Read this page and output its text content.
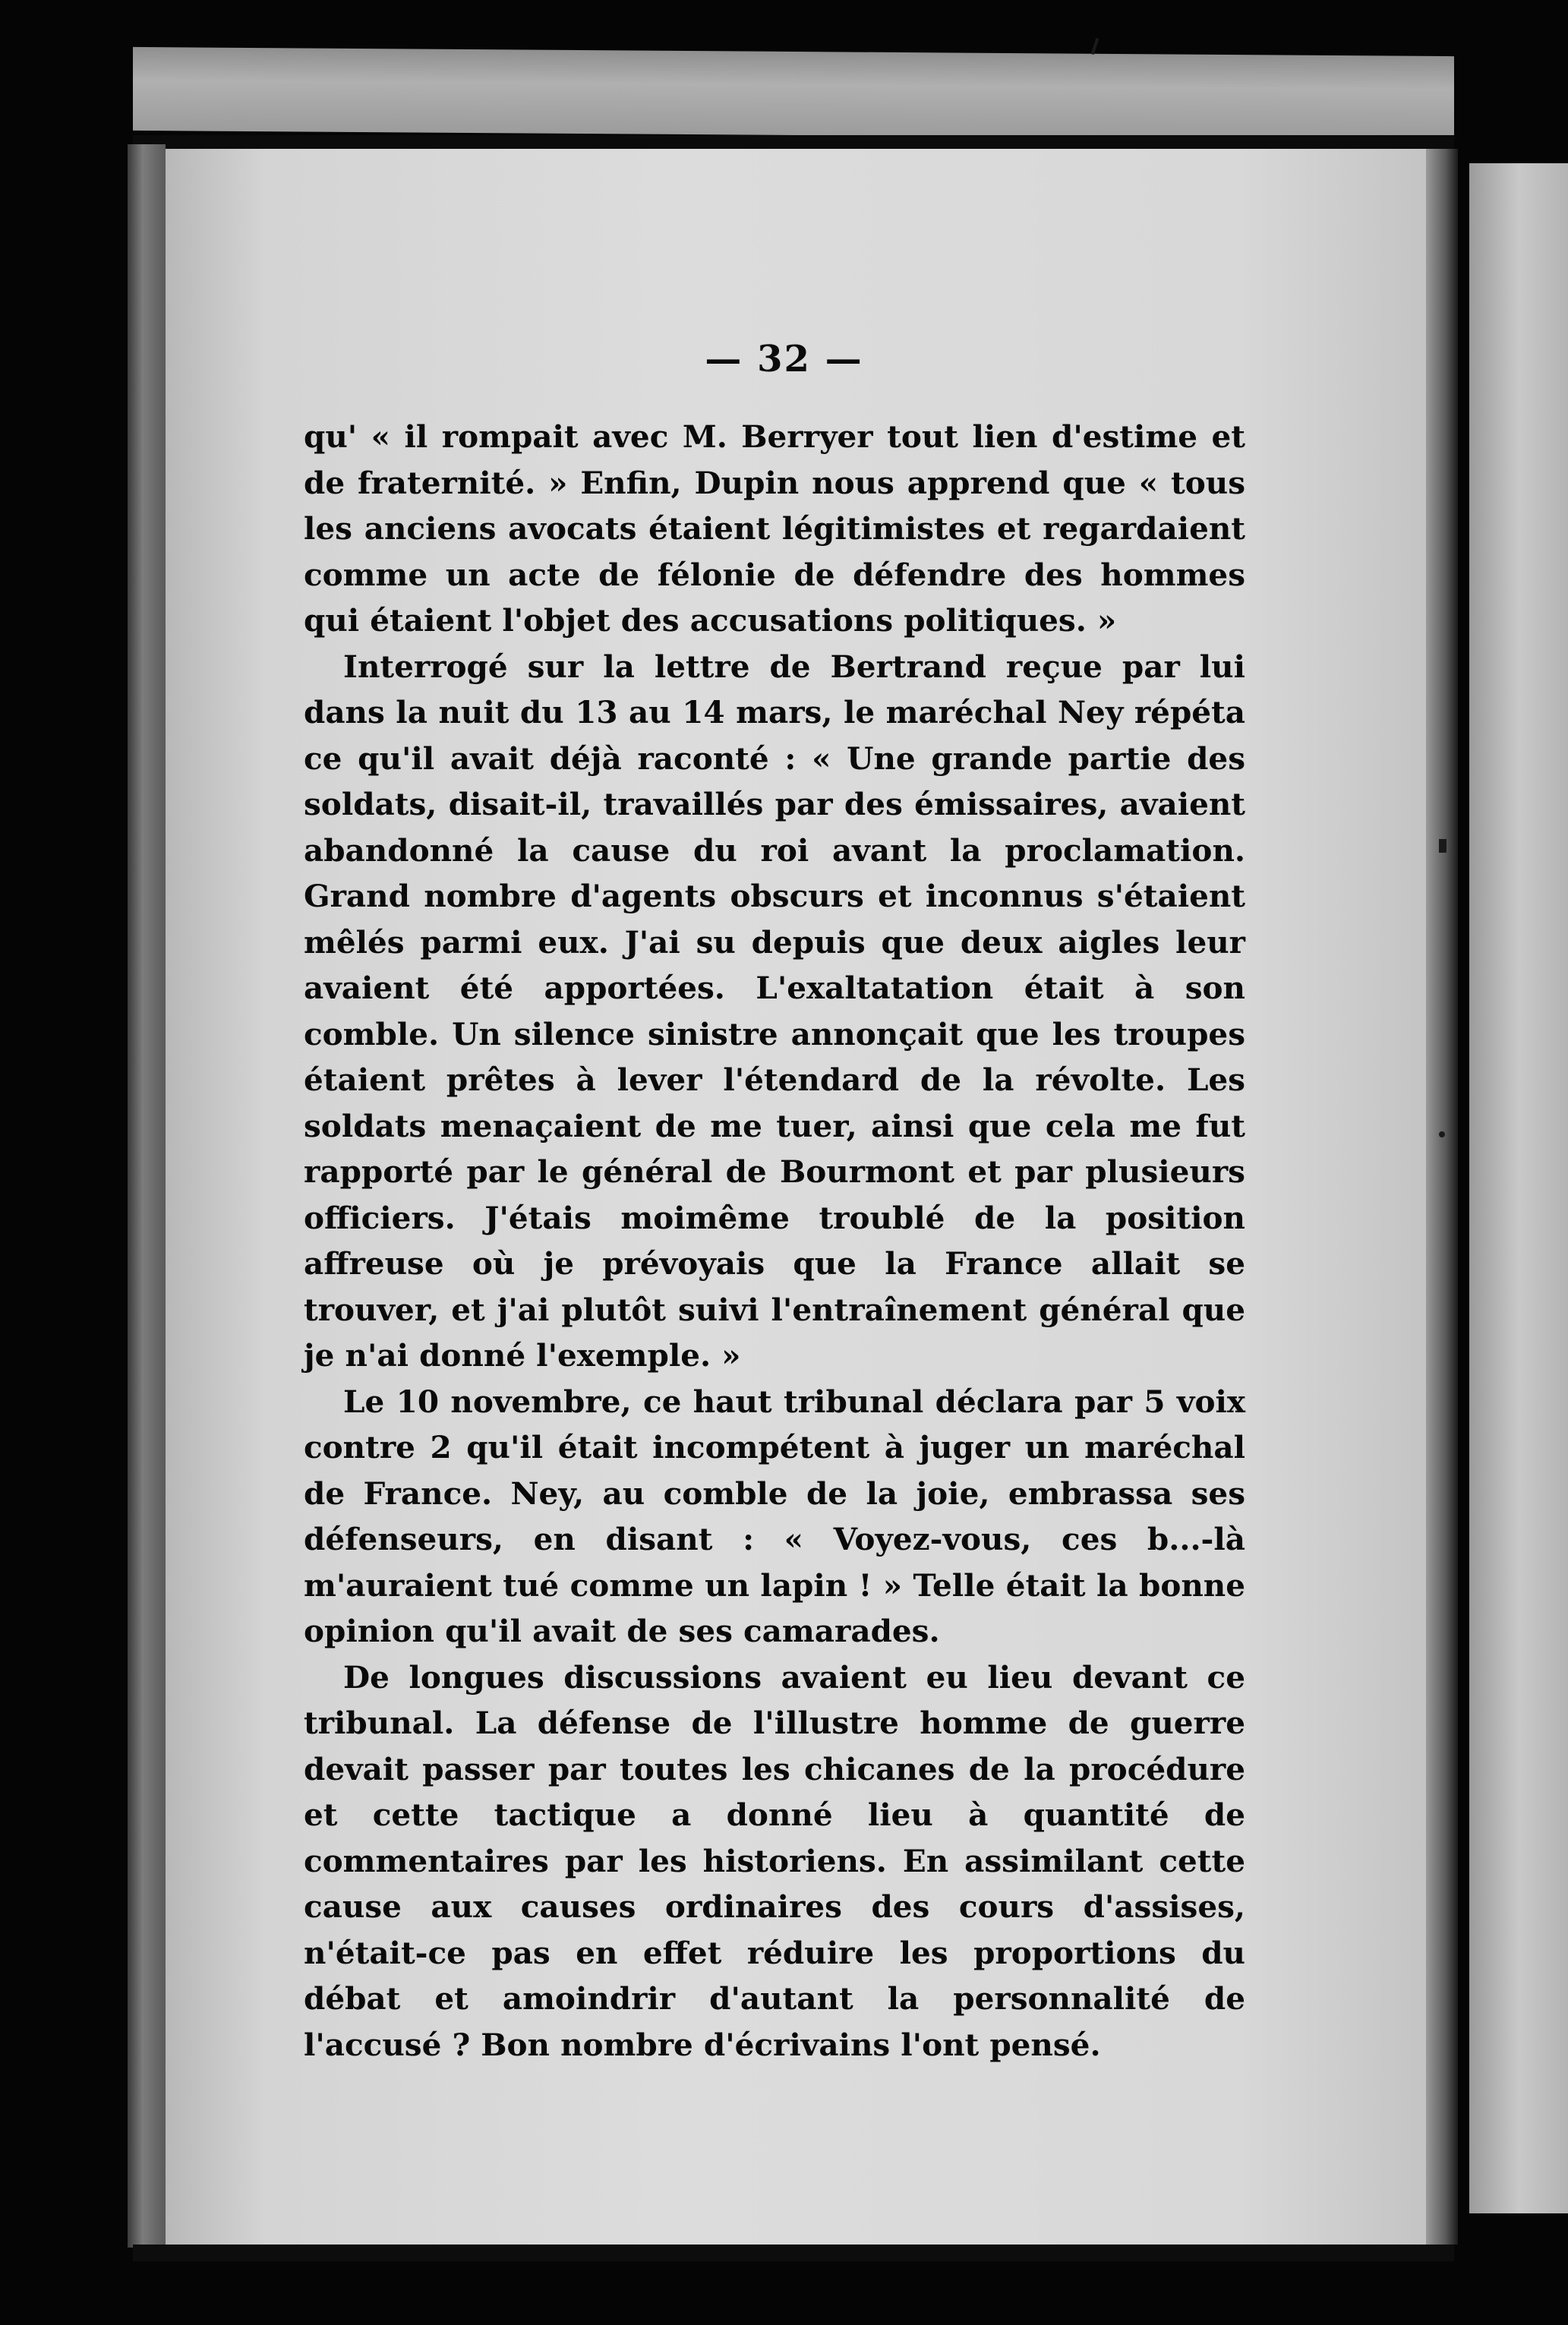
— 32 —

qu' « il rompait avec M. Berryer tout lien d'estime et de fraternité. » Enfin, Dupin nous apprend que « tous les anciens avocats étaient légitimistes et regardaient comme un acte de félonie de défendre des hommes qui étaient l'objet des accusations politiques. »

Interrogé sur la lettre de Bertrand reçue par lui dans la nuit du 13 au 14 mars, le maréchal Ney répéta ce qu'il avait déjà raconté : « Une grande partie des soldats, disait-il, travaillés par des émissaires, avaient abandonné la cause du roi avant la proclamation. Grand nombre d'agents obscurs et inconnus s'étaient mêlés parmi eux. J'ai su depuis que deux aigles leur avaient été apportées. L'exaltatation était à son comble. Un silence sinistre annonçait que les troupes étaient prêtes à lever l'étendard de la révolte. Les soldats menaçaient de me tuer, ainsi que cela me fut rapporté par le général de Bourmont et par plusieurs officiers. J'étais moimême troublé de la position affreuse où je prévoyais que la France allait se trouver, et j'ai plutôt suivi l'entraînement général que je n'ai donné l'exemple. »

Le 10 novembre, ce haut tribunal déclara par 5 voix contre 2 qu'il était incompétent à juger un maréchal de France. Ney, au comble de la joie, embrassa ses défenseurs, en disant : « Voyez-vous, ces b...-là m'auraient tué comme un lapin ! » Telle était la bonne opinion qu'il avait de ses camarades.

De longues discussions avaient eu lieu devant ce tribunal. La défense de l'illustre homme de guerre devait passer par toutes les chicanes de la procédure et cette tactique a donné lieu à quantité de commentaires par les historiens. En assimilant cette cause aux causes ordinaires des cours d'assises, n'était-ce pas en effet réduire les proportions du débat et amoindrir d'autant la personnalité de l'accusé ? Bon nombre d'écrivains l'ont pensé.
